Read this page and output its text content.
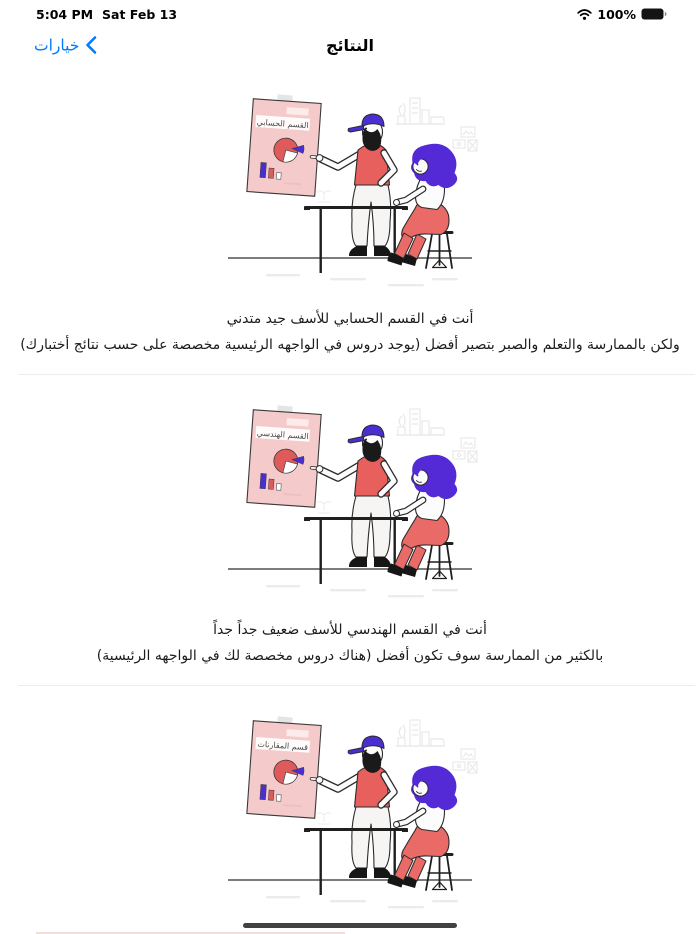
5:04 PM Sat Feb 13	100%
خيارات	النتائج
القسم الحسابي
أنت في القسم الحسابي للأسف جيد متدني
ولكن بالممارسة والتعلم والصبر بتصير أفضل (يوجد دروس في الواجهه الرئيسية مخصصة على حسب نتائج أختبارك)
القسم الهندسي
أنت في القسم الهندسي للأسف ضعيف جداً جداً
بالكثير من الممارسة سوف تكون أفضل (هناك دروس مخصصة لك في الواجهه الرئيسية)
قسم المقارنات
